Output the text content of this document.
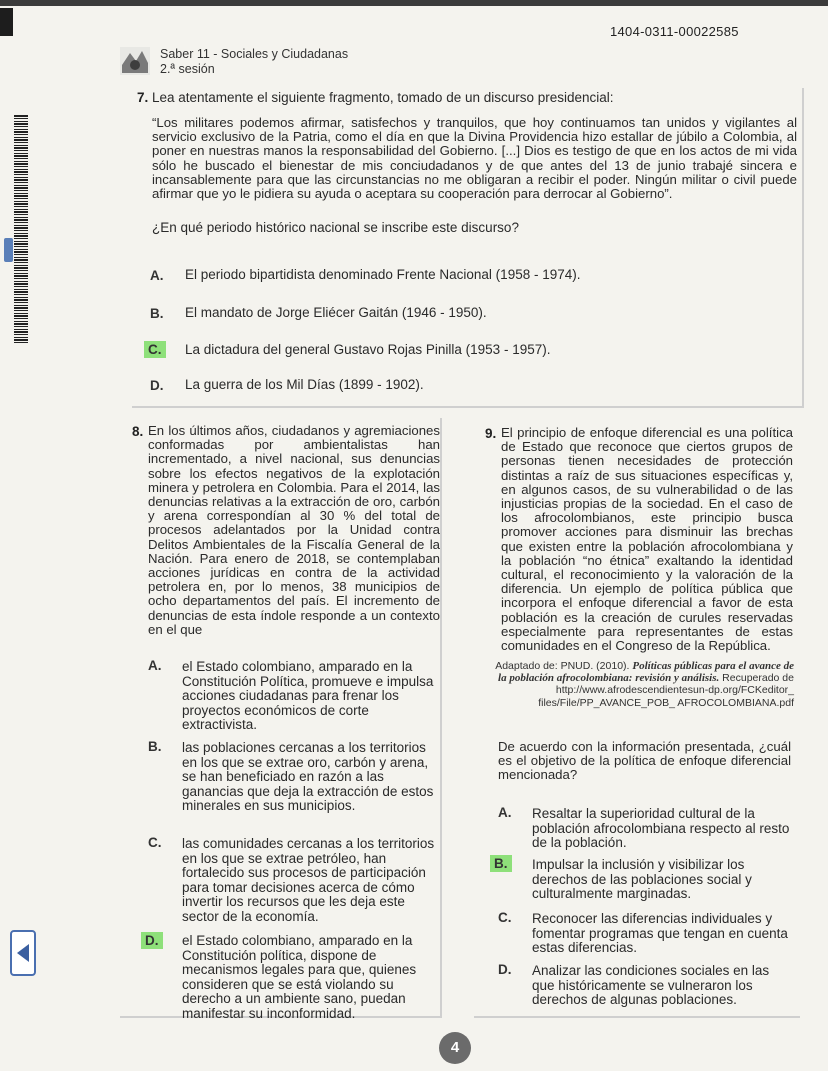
1404-0311-00022585
Saber 11 - Sociales y Ciudadanas
2.ª sesión
7. Lea atentamente el siguiente fragmento, tomado de un discurso presidencial:
“Los militares podemos afirmar, satisfechos y tranquilos, que hoy continuamos tan unidos y vigilantes al servicio exclusivo de la Patria, como el día en que la Divina Providencia hizo estallar de júbilo a Colombia, al poner en nuestras manos la responsabilidad del Gobierno. [...] Dios es testigo de que en los actos de mi vida sólo he buscado el bienestar de mis conciudadanos y de que antes del 13 de junio trabajé sincera e incansablemente para que las circunstancias no me obligaran a recibir el poder. Ningún militar o civil puede afirmar que yo le pidiera su ayuda o aceptara su cooperación para derrocar al Gobierno”.
¿En qué periodo histórico nacional se inscribe este discurso?
A. El periodo bipartidista denominado Frente Nacional (1958 - 1974).
B. El mandato de Jorge Eliécer Gaitán (1946 - 1950).
C. La dictadura del general Gustavo Rojas Pinilla (1953 - 1957).
D. La guerra de los Mil Días (1899 - 1902).
8. En los últimos años, ciudadanos y agremiaciones conformadas por ambientalistas han incrementado, a nivel nacional, sus denuncias sobre los efectos negativos de la explotación minera y petrolera en Colombia. Para el 2014, las denuncias relativas a la extracción de oro, carbón y arena correspondían al 30 % del total de procesos adelantados por la Unidad contra Delitos Ambientales de la Fiscalía General de la Nación. Para enero de 2018, se contemplaban acciones jurídicas en contra de la actividad petrolera en, por lo menos, 38 municipios de ocho departamentos del país. El incremento de denuncias de esta índole responde a un contexto en el que
A. el Estado colombiano, amparado en la Constitución Política, promueve e impulsa acciones ciudadanas para frenar los proyectos económicos de corte extractivista.
B. las poblaciones cercanas a los territorios en los que se extrae oro, carbón y arena, se han beneficiado en razón a las ganancias que deja la extracción de estos minerales en sus municipios.
C. las comunidades cercanas a los territorios en los que se extrae petróleo, han fortalecido sus procesos de participación para tomar decisiones acerca de cómo invertir los recursos que les deja este sector de la economía.
D. el Estado colombiano, amparado en la Constitución política, dispone de mecanismos legales para que, quienes consideren que se está violando su derecho a un ambiente sano, puedan manifestar su inconformidad.
9. El principio de enfoque diferencial es una política de Estado que reconoce que ciertos grupos de personas tienen necesidades de protección distintas a raíz de sus situaciones específicas y, en algunos casos, de su vulnerabilidad o de las injusticias propias de la sociedad. En el caso de los afrocolombianos, este principio busca promover acciones para disminuir las brechas que existen entre la población afrocolombiana y la población “no étnica” exaltando la identidad cultural, el reconocimiento y la valoración de la diferencia. Un ejemplo de política pública que incorpora el enfoque diferencial a favor de esta población es la creación de curules reservadas especialmente para representantes de estas comunidades en el Congreso de la República.
Adaptado de: PNUD. (2010). Políticas públicas para el avance de la población afrocolombiana: revisión y análisis. Recuperado de http://www.afrodescendientesun-dp.org/FCKeditor_ files/File/PP_AVANCE_POB_ AFROCOLOMBIANA.pdf
De acuerdo con la información presentada, ¿cuál es el objetivo de la política de enfoque diferencial mencionada?
A. Resaltar la superioridad cultural de la población afrocolombiana respecto al resto de la población.
B. Impulsar la inclusión y visibilizar los derechos de las poblaciones social y culturalmente marginadas.
C. Reconocer las diferencias individuales y fomentar programas que tengan en cuenta estas diferencias.
D. Analizar las condiciones sociales en las que históricamente se vulneraron los derechos de algunas poblaciones.
4
